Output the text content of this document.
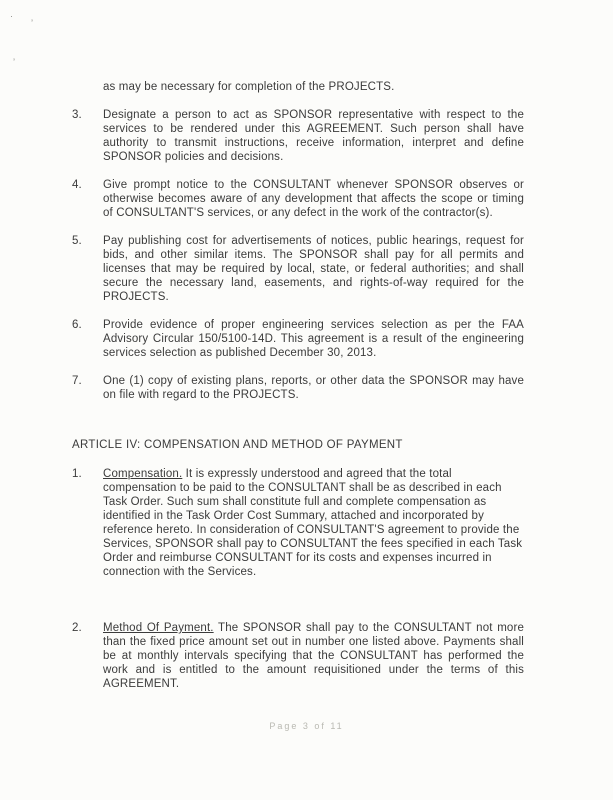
·
’
’

as may be necessary for completion of the PROJECTS.

3.	Designate a person to act as SPONSOR representative with respect to the services to be rendered under this AGREEMENT. Such person shall have authority to transmit instructions, receive information, interpret and define SPONSOR policies and decisions.
4.	Give prompt notice to the CONSULTANT whenever SPONSOR observes or otherwise becomes aware of any development that affects the scope or timing of CONSULTANT'S services, or any defect in the work of the contractor(s).
5.	Pay publishing cost for advertisements of notices, public hearings, request for bids, and other similar items. The SPONSOR shall pay for all permits and licenses that may be required by local, state, or federal authorities; and shall secure the necessary land, easements, and rights-of-way required for the PROJECTS.
6.	Provide evidence of proper engineering services selection as per the FAA Advisory Circular 150/5100-14D. This agreement is a result of the engineering services selection as published December 30, 2013.
7.	One (1) copy of existing plans, reports, or other data the SPONSOR may have on file with regard to the PROJECTS.
ARTICLE IV: COMPENSATION AND METHOD OF PAYMENT
1.	Compensation. It is expressly understood and agreed that the total compensation to be paid to the CONSULTANT shall be as described in each Task Order. Such sum shall constitute full and complete compensation as identified in the Task Order Cost Summary, attached and incorporated by reference hereto. In consideration of CONSULTANT'S agreement to provide the Services, SPONSOR shall pay to CONSULTANT the fees specified in each Task Order and reimburse CONSULTANT for its costs and expenses incurred in connection with the Services.
2.	Method Of Payment. The SPONSOR shall pay to the CONSULTANT not more than the fixed price amount set out in number one listed above. Payments shall be at monthly intervals specifying that the CONSULTANT has performed the work and is entitled to the amount requisitioned under the terms of this AGREEMENT.
Page 3 of 11
